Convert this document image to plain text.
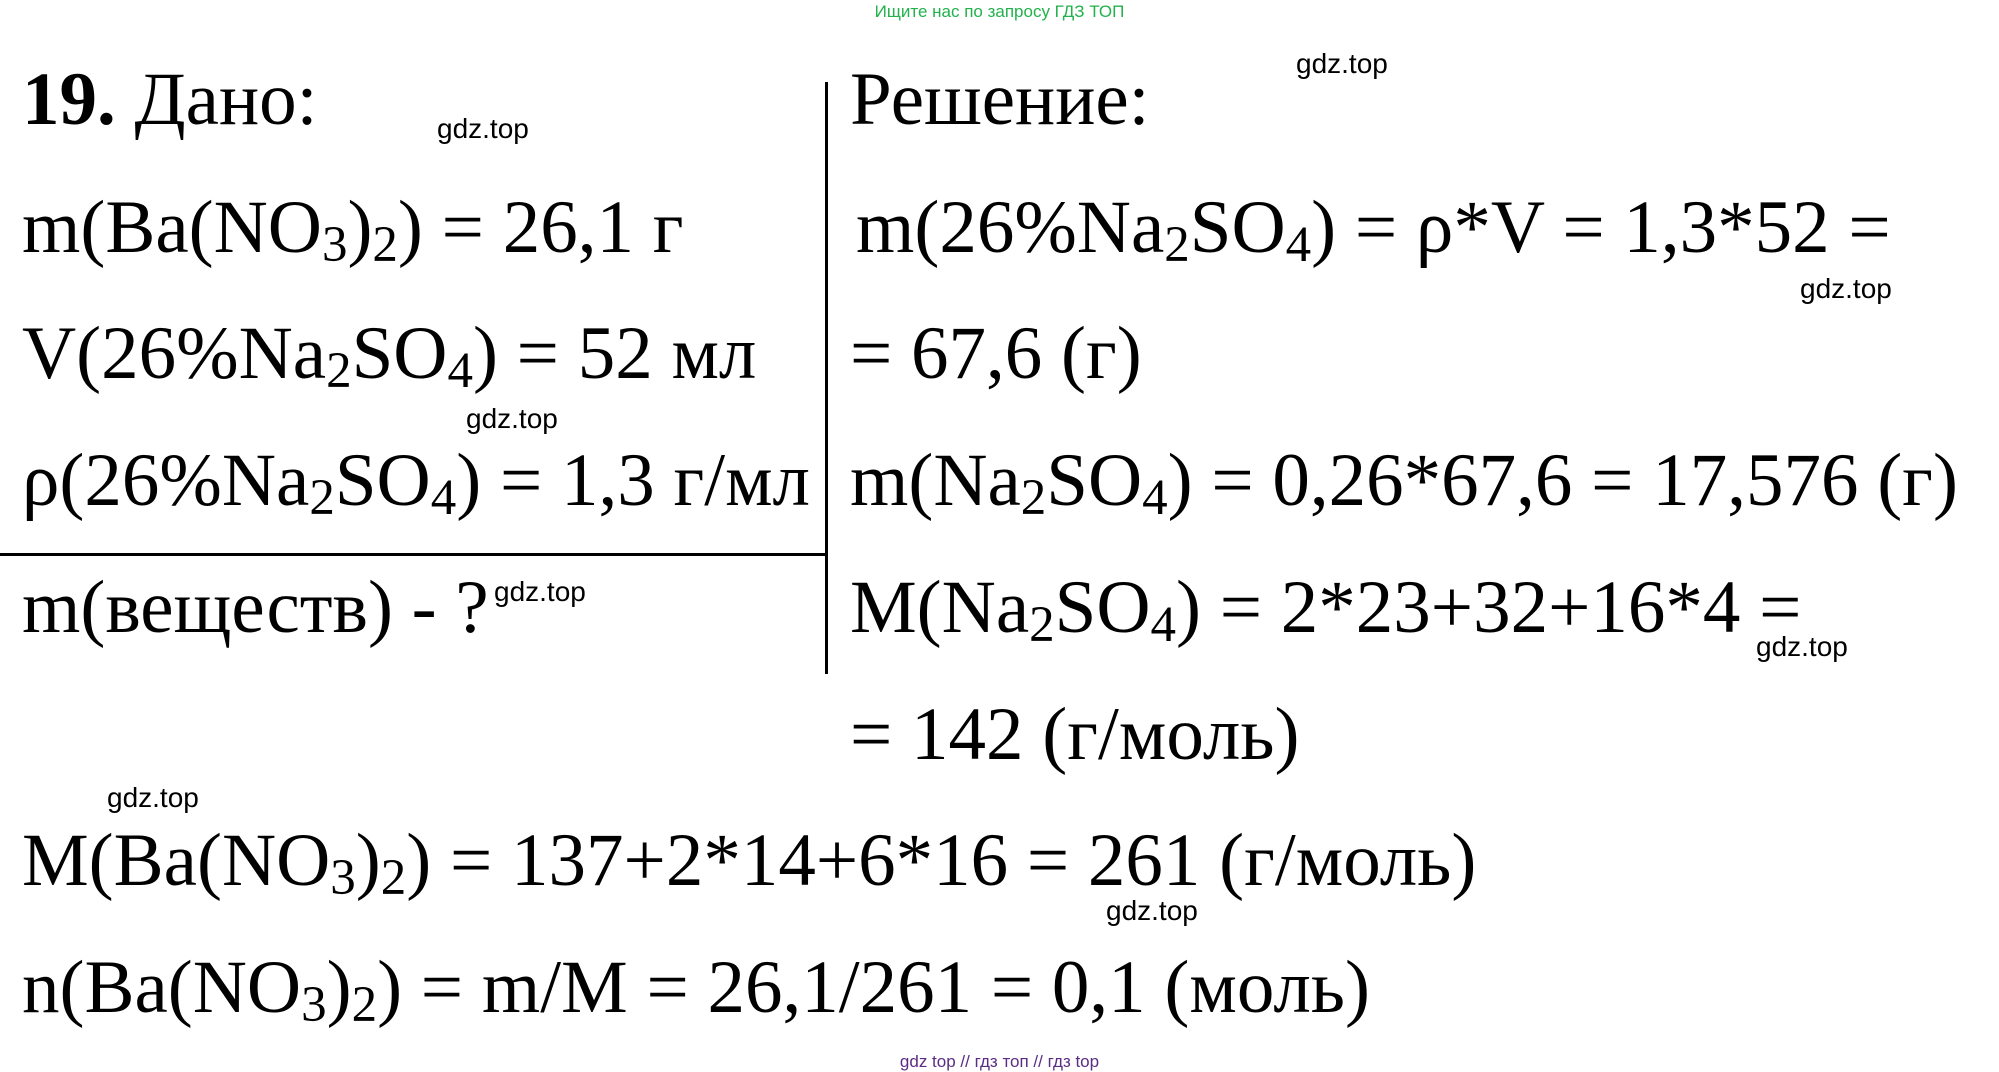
Ищите нас по запросу ГДЗ ТОП
19. Дано:
$m(Ba(NO_3)_2) = 26,1$ г
$V(26\%Na_2SO_4) = 52$ мл
$\rho(26\%Na_2SO_4) = 1,3$ г/мл
m(веществ) - ?
Решение:
$m(26\%Na_2SO_4) = \rho*V = 1,3*52$ =
= 67,6 (г)
$m(Na_2SO_4) = 0,26*67,6 = 17,576$ (г)
$M(Na_2SO_4) = 2*23+32+16*4$ =
= 142 (г/моль)
$M(Ba(NO_3)_2) = 137+2*14+6*16 = 261$ (г/моль)
$n(Ba(NO_3)_2) = m/M = 26,1/261 = 0,1$ (моль)
gdz.top
gdz.top
gdz.top
gdz.top
gdz.top
gdz.top
gdz.top
gdz.top
gdz top // гдз топ // гдз top
